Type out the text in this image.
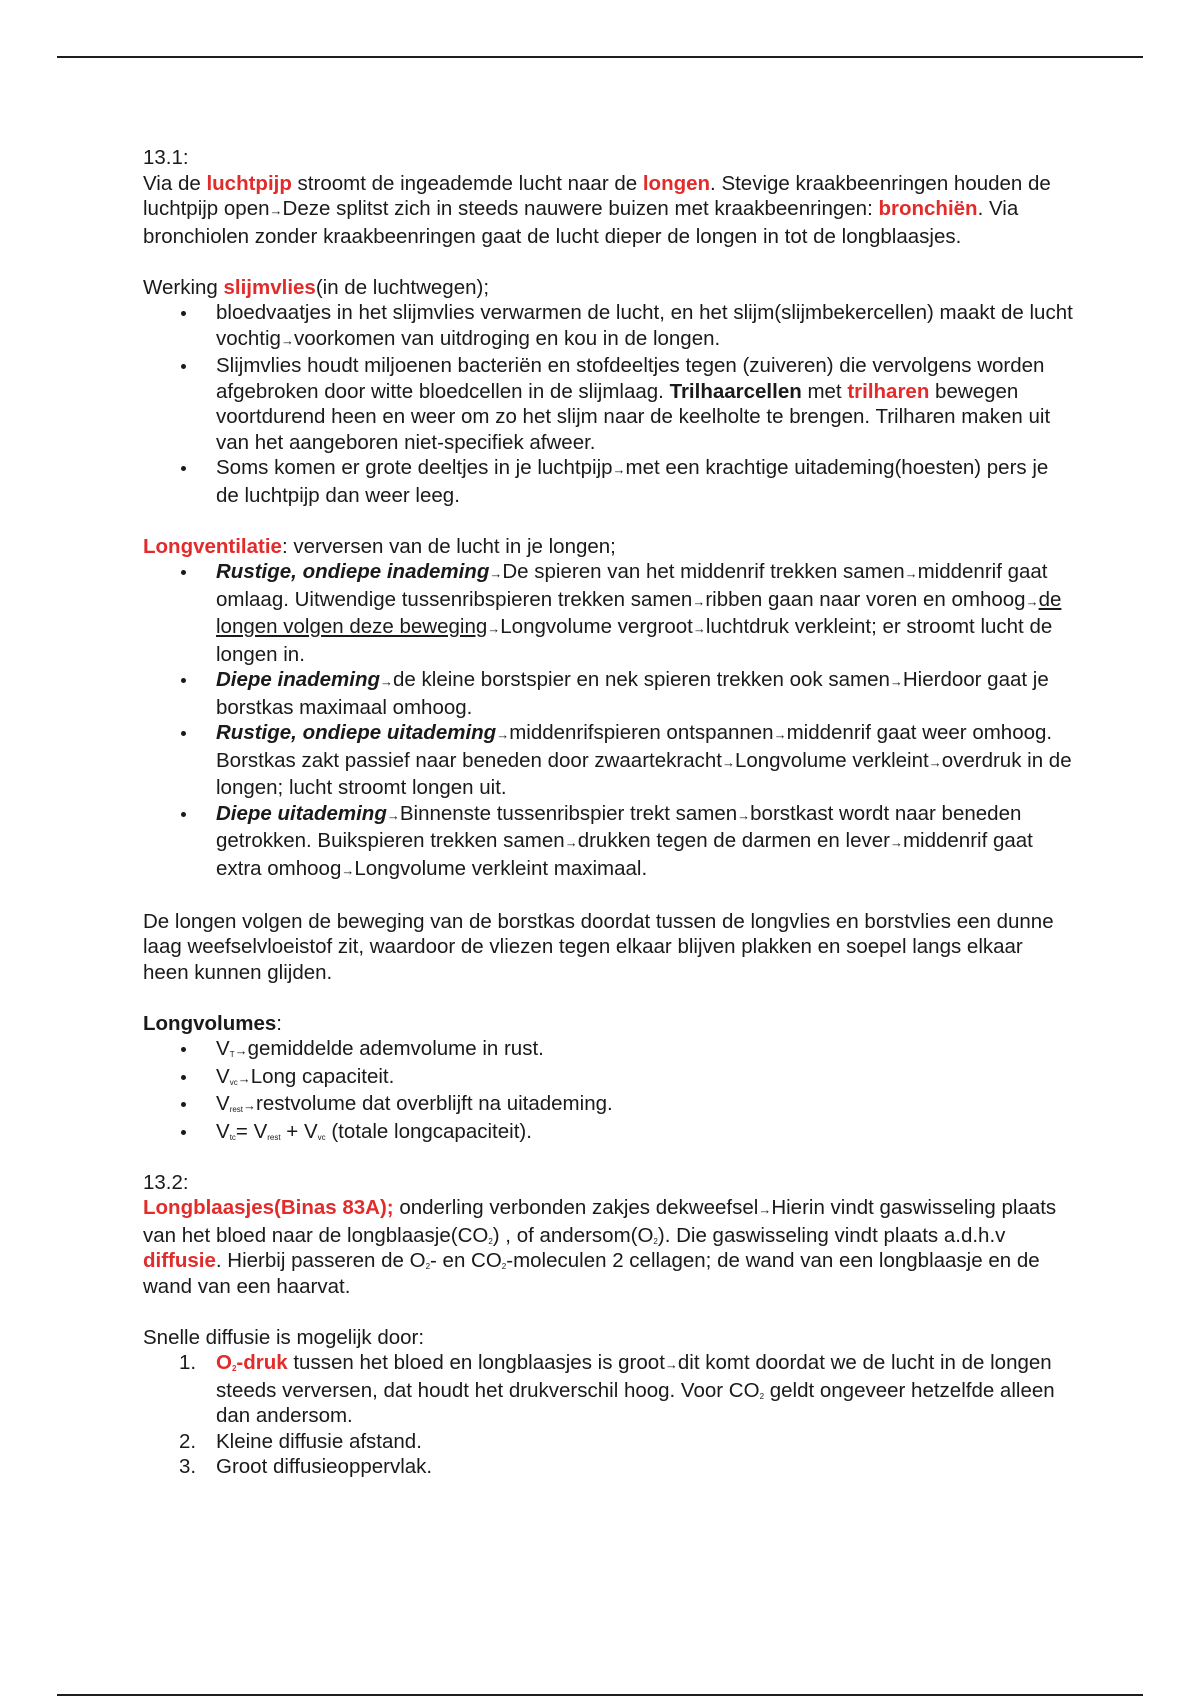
13.1:

Via de luchtpijp stroomt de ingeademde lucht naar de longen. Stevige kraakbeenringen houden de luchtpijp open→Deze splitst zich in steeds nauwere buizen met kraakbeenringen: bronchiën. Via bronchiolen zonder kraakbeenringen gaat de lucht dieper de longen in tot de longblaasjes.

Werking slijmvlies(in de luchtwegen);

bloedvaatjes in het slijmvlies verwarmen de lucht, en het slijm(slijmbekercellen) maakt de lucht vochtig→voorkomen van uitdroging en kou in de longen.
Slijmvlies houdt miljoenen bacteriën en stofdeeltjes tegen (zuiveren) die vervolgens worden afgebroken door witte bloedcellen in de slijmlaag. Trilhaarcellen met trilharen bewegen voortdurend heen en weer om zo het slijm naar de keelholte te brengen. Trilharen maken uit van het aangeboren niet-specifiek afweer.
Soms komen er grote deeltjes in je luchtpijp→met een krachtige uitademing(hoesten) pers je de luchtpijp dan weer leeg.

Longventilatie: verversen van de lucht in je longen;

Rustige, ondiepe inademing→De spieren van het middenrif trekken samen→middenrif gaat omlaag. Uitwendige tussenribspieren trekken samen→ribben gaan naar voren en omhoog→de longen volgen deze beweging→Longvolume vergroot→luchtdruk verkleint; er stroomt lucht de longen in.
Diepe inademing→de kleine borstspier en nek spieren trekken ook samen→Hierdoor gaat je borstkas maximaal omhoog.
Rustige, ondiepe uitademing→middenrifspieren ontspannen→middenrif gaat weer omhoog. Borstkas zakt passief naar beneden door zwaartekracht→Longvolume verkleint→overdruk in de longen; lucht stroomt longen uit.
Diepe uitademing→Binnenste tussenribspier trekt samen→borstkast wordt naar beneden getrokken. Buikspieren trekken samen→drukken tegen de darmen en lever→middenrif gaat extra omhoog→Longvolume verkleint maximaal.

De longen volgen de beweging van de borstkas doordat tussen de longvlies en borstvlies een dunne laag weefselvloeistof zit, waardoor de vliezen tegen elkaar blijven plakken en soepel langs elkaar heen kunnen glijden.

Longvolumes:

$V_T\to gemiddelde$ ademvolume in rust.
$V_{vc}\to Long$ capaciteit.
$V_{rest}\to restvolume$ dat overblijft na uitademing.
$V_{tc}= V_{rest} + V_{vc}$ (totale longcapaciteit).

13.2:

Longblaasjes(Binas 83A); onderling verbonden zakjes dekweefsel→Hierin vindt gaswisseling plaats van het bloed naar de $longblaasje(CO_2)$ , of $andersom(O_2)$. Die gaswisseling vindt plaats a.d.h.v diffusie. Hierbij passeren de $O_2-$ en $CO_2$-moleculen 2 cellagen; de wand van een longblaasje en de wand van een haarvat.

Snelle diffusie is mogelijk door:

1. $O_2$-druk tussen het bloed en longblaasjes is groot→dit komt doordat we de lucht in de longen steeds verversen, dat houdt het drukverschil hoog. Voor $CO_2$ geldt ongeveer hetzelfde alleen dan andersom.
2. Kleine diffusie afstand.
3. Groot diffusieoppervlak.
